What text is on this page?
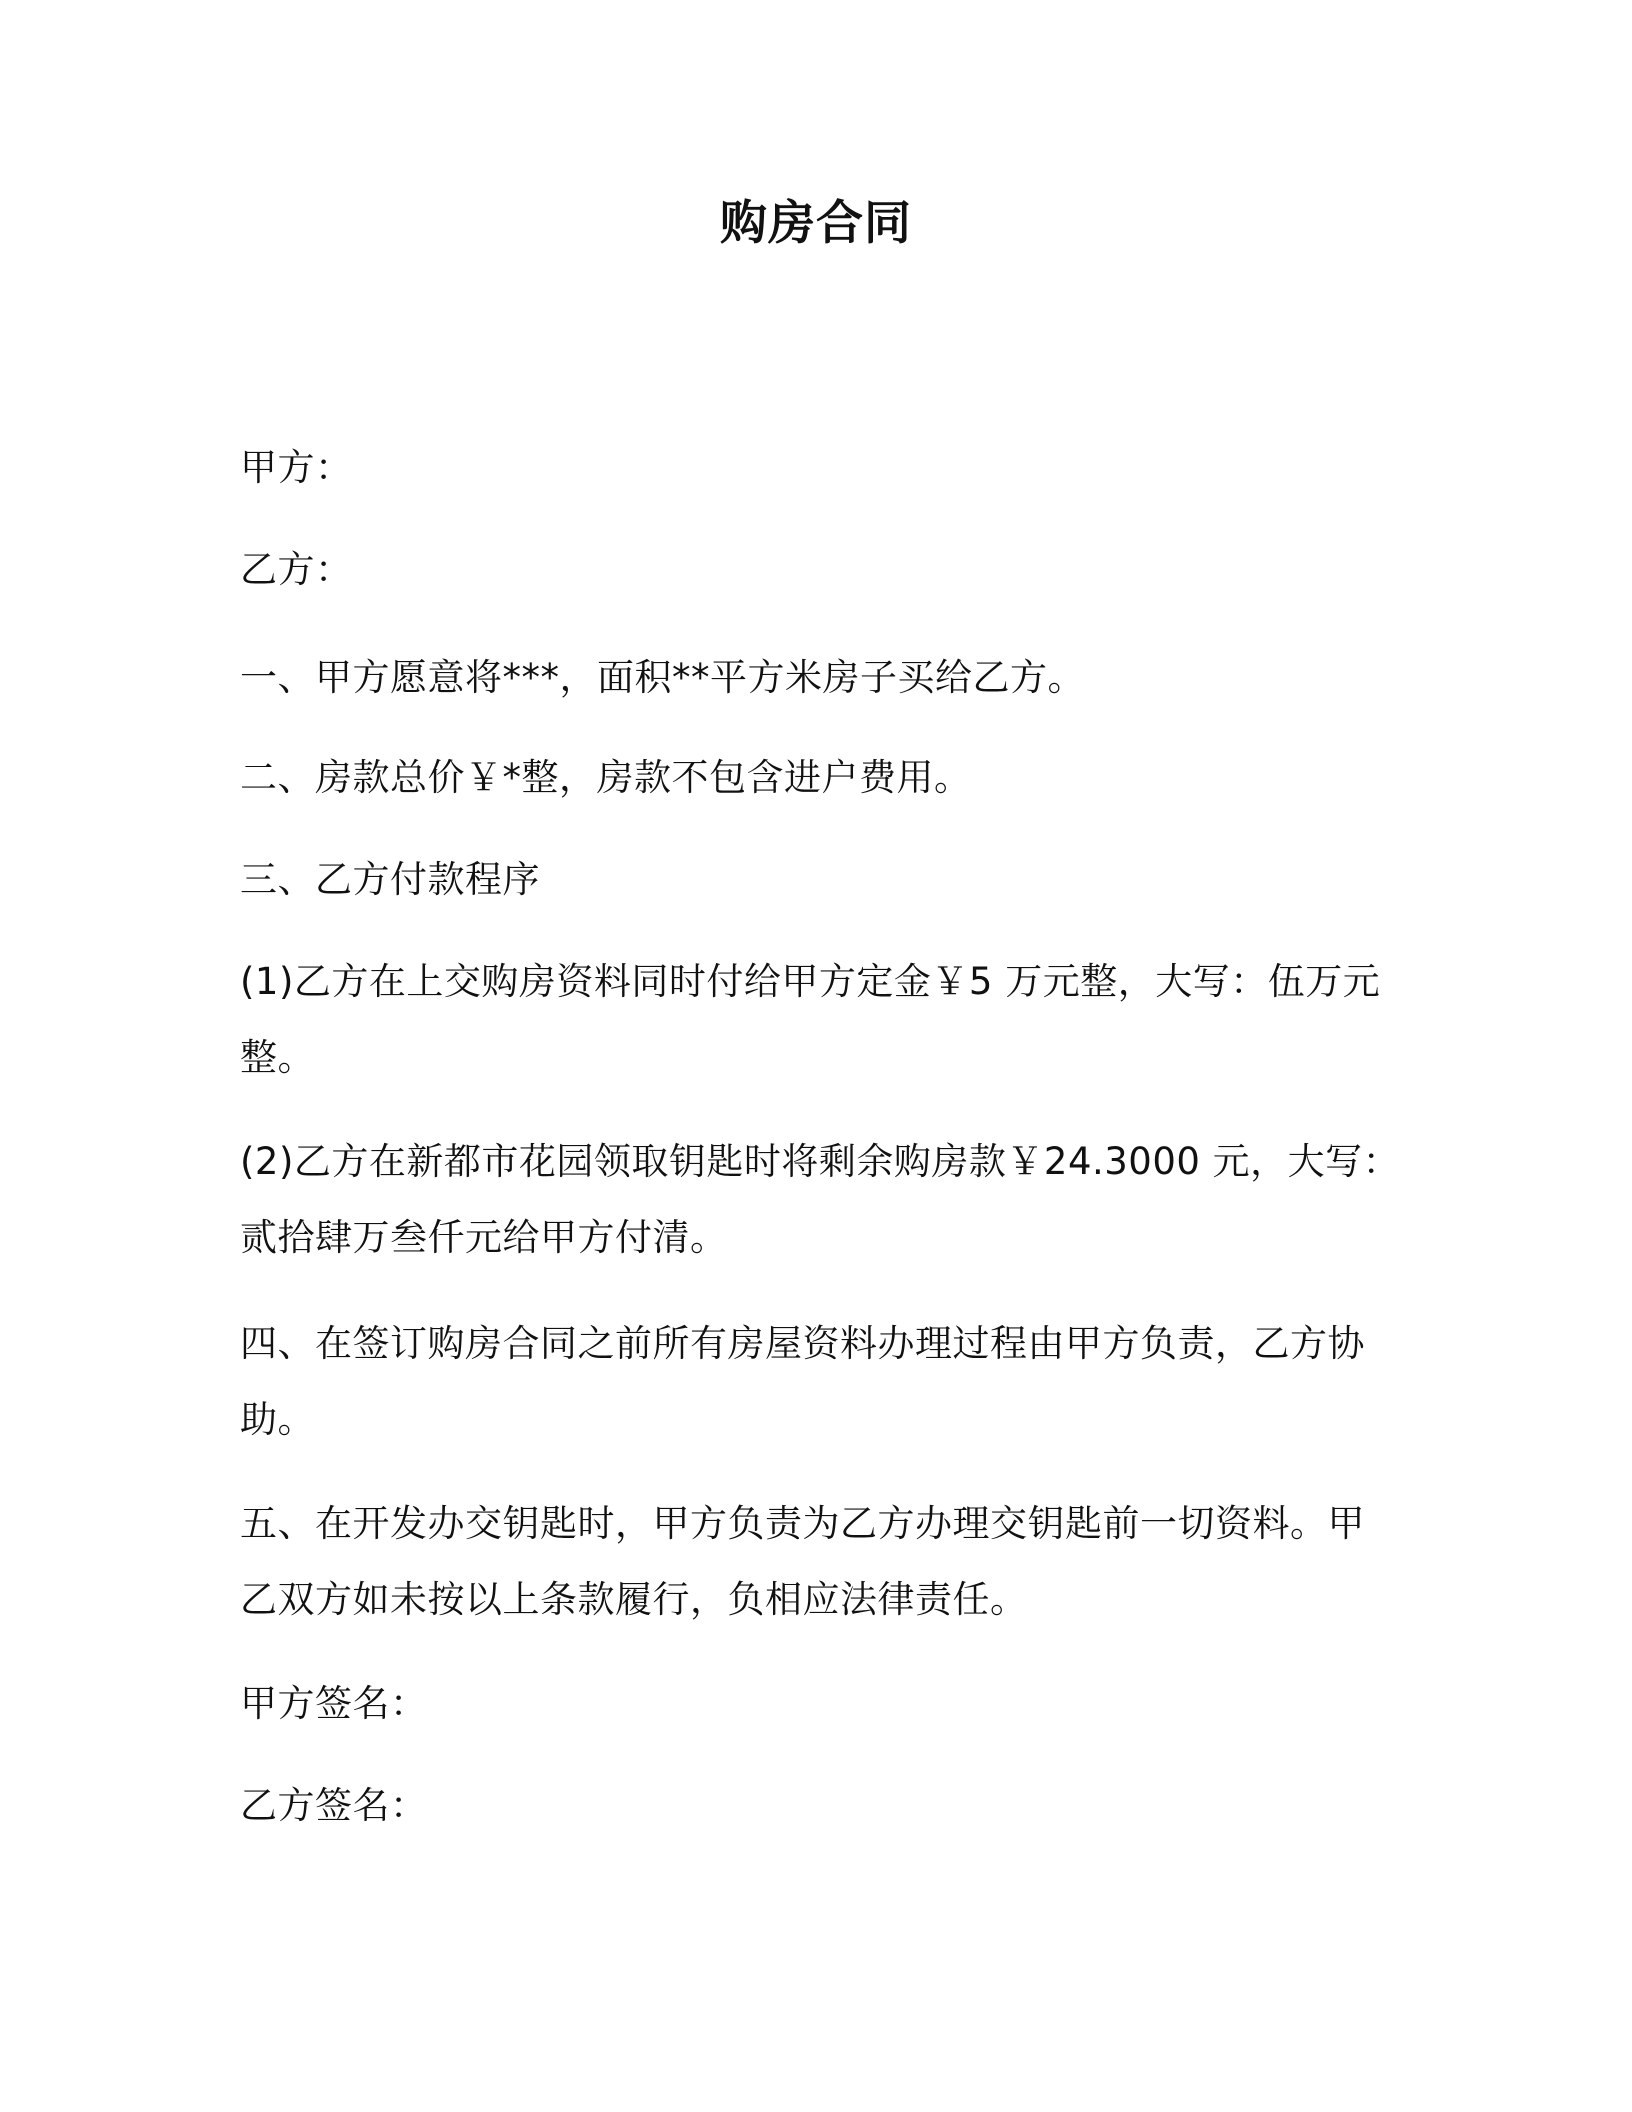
购房合同
甲方：
乙方：
一、甲方愿意将***，面积**平方米房子买给乙方。
二、房款总价￥*整，房款不包含进户费用。
三、乙方付款程序
(1)乙方在上交购房资料同时付给甲方定金￥5 万元整，大写：伍万元
整。
(2)乙方在新都市花园领取钥匙时将剩余购房款￥24.3000 元，大写：
贰拾肆万叁仟元给甲方付清。
四、在签订购房合同之前所有房屋资料办理过程由甲方负责，乙方协
助。
五、在开发办交钥匙时，甲方负责为乙方办理交钥匙前一切资料。甲
乙双方如未按以上条款履行，负相应法律责任。
甲方签名：
乙方签名：
